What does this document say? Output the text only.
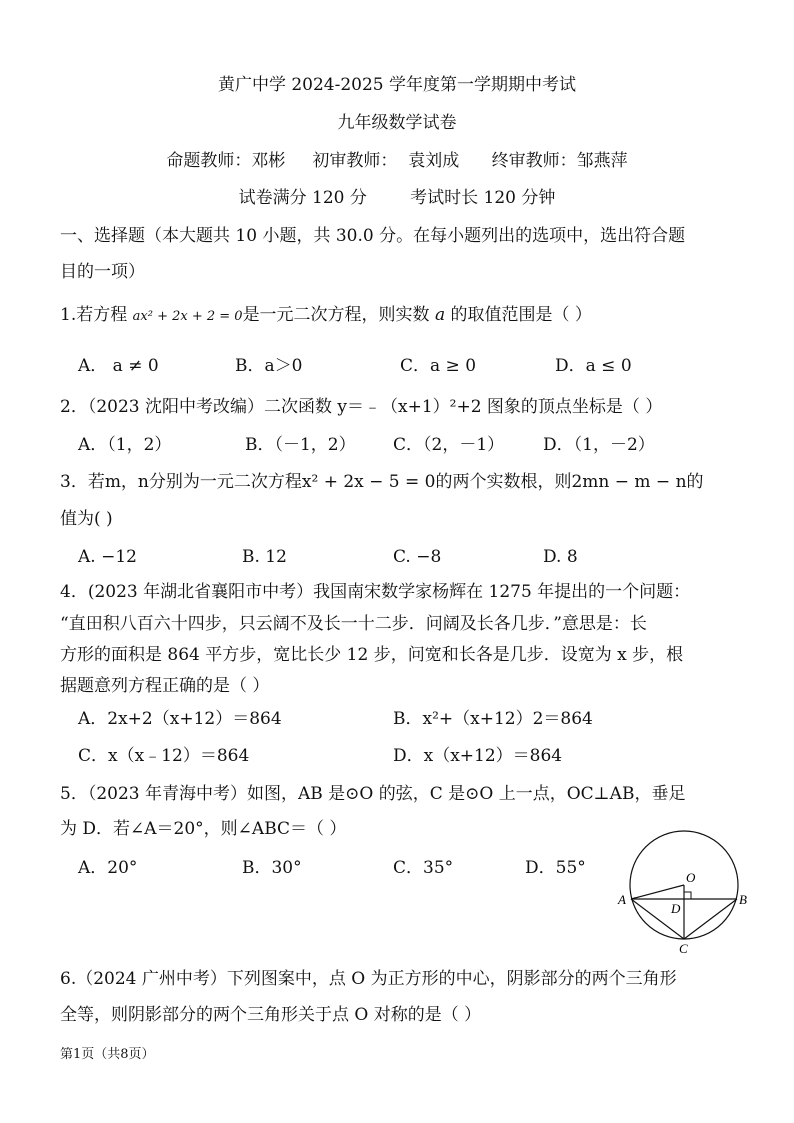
黄广中学 2024-2025 学年度第一学期期中考试
九年级数学试卷
命题教师：邓彬     初审教师：  袁刘成      终审教师：邹燕萍
试卷满分 120 分        考试时长 120 分钟
一、选择题（本大题共 10 小题，共 30.0 分。在每小题列出的选项中，选出符合题
目的一项）
1.若方程 ax² + 2x + 2 = 0是一元二次方程，则实数 a 的取值范围是（ ）
A． a ≠ 0	B．a＞0	C．a ≥ 0	D．a ≤ 0
2．（2023 沈阳中考改编）二次函数 y＝﹣（x+1）²+2 图象的顶点坐标是（ ）
A．（1，2）	B．（－1，2） C．（2，－1） D．（1，－2）
3．若m，n分别为一元二次方程x² + 2x − 5 = 0的两个实数根，则2mn − m − n的
值为( )
A. −12	B. 12	C. −8	D. 8
4．(2023 年湖北省襄阳市中考）我国南宋数学家杨辉在 1275 年提出的一个问题：
“直田积八百六十四步，只云阔不及长一十二步．问阔及长各几步．”意思是：长
方形的面积是 864 平方步，宽比长少 12 步，问宽和长各是几步．设宽为 x 步，根
据题意列方程正确的是（ ）
A．2x+2（x+12）＝864	B．x²+（x+12）2＝864
C．x（x﹣12）＝864	D．x（x+12）＝864
5．（2023 年青海中考）如图，AB 是⊙O 的弦，C 是⊙O 上一点，OC⊥AB，垂足
为 D．若∠A＝20°，则∠ABC＝（ ）
A．20°	B．30°	C．35°	D．55°	O
A	B
D
C
6.（2024 广州中考）下列图案中，点 O 为正方形的中心，阴影部分的两个三角形
全等，则阴影部分的两个三角形关于点 O 对称的是（ ）
第1页（共8页）
